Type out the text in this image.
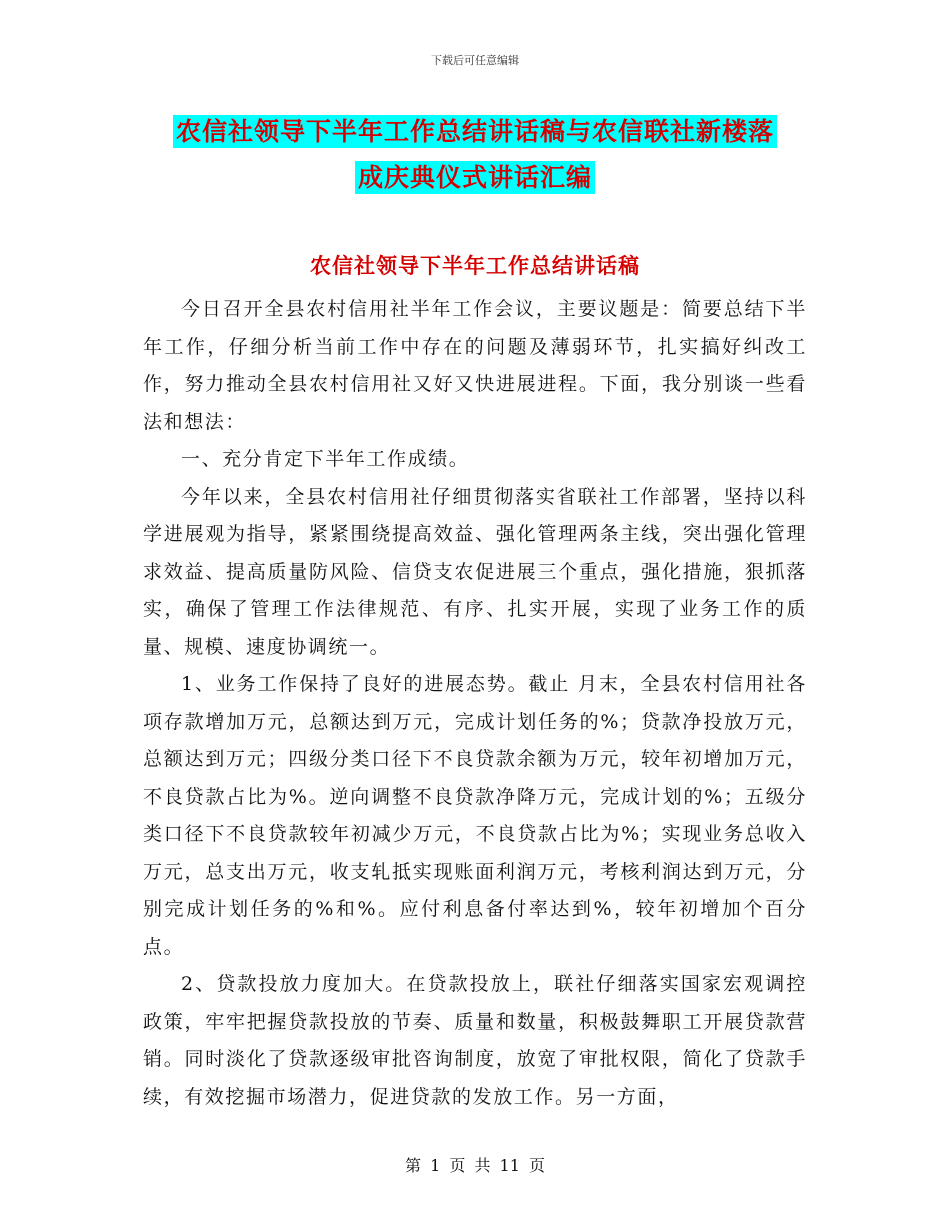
下载后可任意编辑
农信社领导下半年工作总结讲话稿与农信联社新楼落
成庆典仪式讲话汇编
农信社领导下半年工作总结讲话稿

今日召开全县农村信用社半年工作会议，主要议题是：简要总结下半年工作，仔细分析当前工作中存在的问题及薄弱环节，扎实搞好纠改工作，努力推动全县农村信用社又好又快进展进程。下面，我分别谈一些看法和想法：

一、充分肯定下半年工作成绩。

今年以来，全县农村信用社仔细贯彻落实省联社工作部署，坚持以科学进展观为指导，紧紧围绕提高效益、强化管理两条主线，突出强化管理求效益、提高质量防风险、信贷支农促进展三个重点，强化措施，狠抓落实，确保了管理工作法律规范、有序、扎实开展，实现了业务工作的质量、规模、速度协调统一。

1、业务工作保持了良好的进展态势。截止 月末，全县农村信用社各项存款增加万元，总额达到万元，完成计划任务的%；贷款净投放万元，总额达到万元；四级分类口径下不良贷款余额为万元，较年初增加万元，不良贷款占比为%。逆向调整不良贷款净降万元，完成计划的%；五级分类口径下不良贷款较年初减少万元，不良贷款占比为%；实现业务总收入万元，总支出万元，收支轧抵实现账面利润万元，考核利润达到万元，分别完成计划任务的%和%。应付利息备付率达到%，较年初增加个百分点。

2、贷款投放力度加大。在贷款投放上，联社仔细落实国家宏观调控政策，牢牢把握贷款投放的节奏、质量和数量，积极鼓舞职工开展贷款营销。同时淡化了贷款逐级审批咨询制度，放宽了审批权限，简化了贷款手续，有效挖掘市场潜力，促进贷款的发放工作。另一方面，

第 1 页 共 11 页
